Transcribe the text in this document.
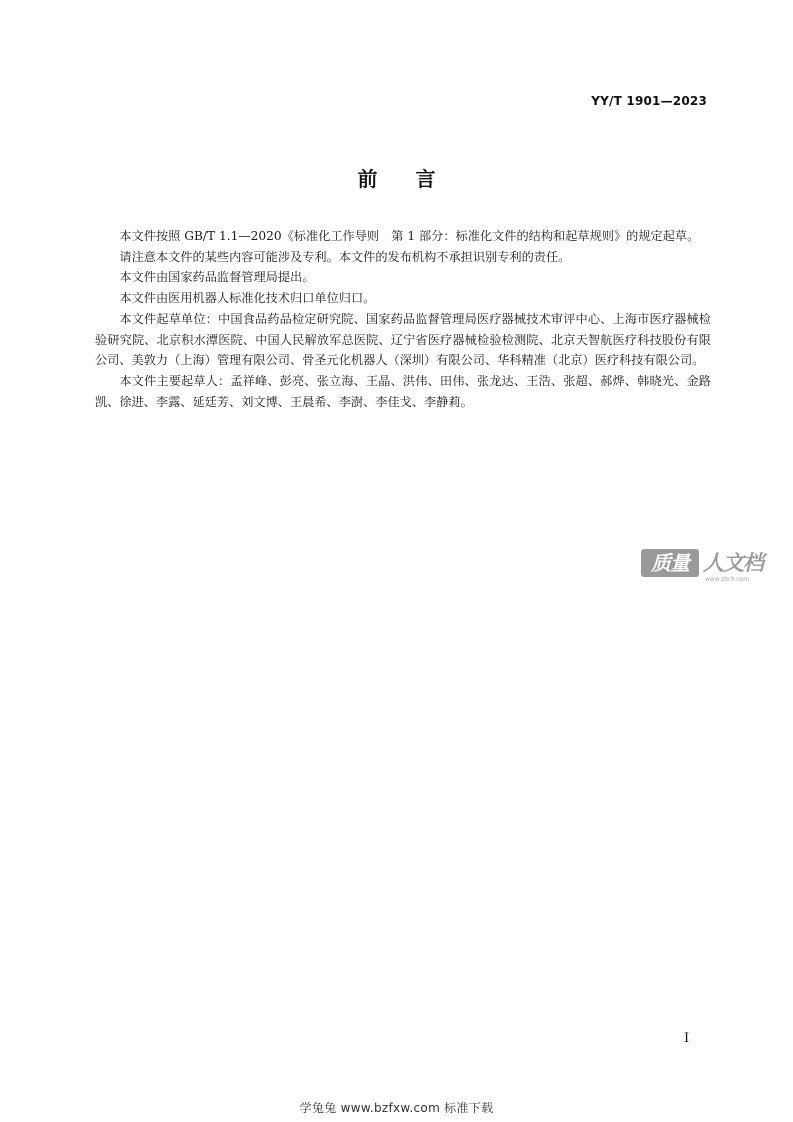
YY/T 1901—2023
前 言

本文件按照 GB/T 1.1—2020《标准化工作导则　第 1 部分：标准化文件的结构和起草规则》的规定起草。

请注意本文件的某些内容可能涉及专利。本文件的发布机构不承担识别专利的责任。

本文件由国家药品监督管理局提出。

本文件由医用机器人标准化技术归口单位归口。

本文件起草单位：中国食品药品检定研究院、国家药品监督管理局医疗器械技术审评中心、上海市医疗器械检验研究院、北京积水潭医院、中国人民解放军总医院、辽宁省医疗器械检验检测院、北京天智航医疗科技股份有限公司、美敦力（上海）管理有限公司、骨圣元化机器人（深圳）有限公司、华科精准（北京）医疗科技有限公司。

本文件主要起草人：孟祥峰、彭亮、张立海、王晶、洪伟、田伟、张龙达、王浩、张超、郝烨、韩晓光、金路凯、徐进、李露、延廷芳、刘文博、王晨希、李澍、李佳戈、李静莉。

质量 人文档
www.zbr9.com
I
学兔兔 www.bzfxw.com 标准下载
